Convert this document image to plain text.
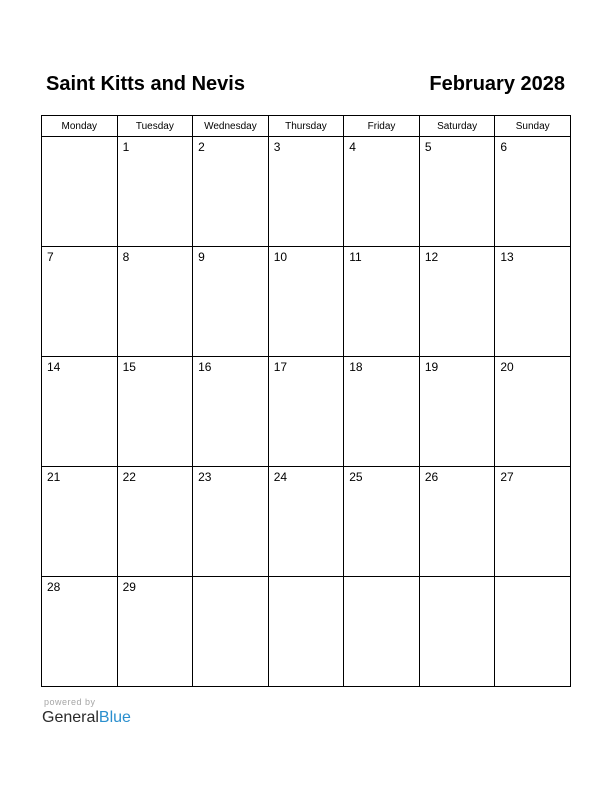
Saint Kitts and Nevis	February 2028
Monday	Tuesday	Wednesday	Thursday	Friday	Saturday	Sunday

	1	2	3	4	5	6

7	8	9	10	11	12	13

14	15	16	17	18	19	20

21	22	23	24	25	26	27

28	29					

powered by
GeneralBlue
